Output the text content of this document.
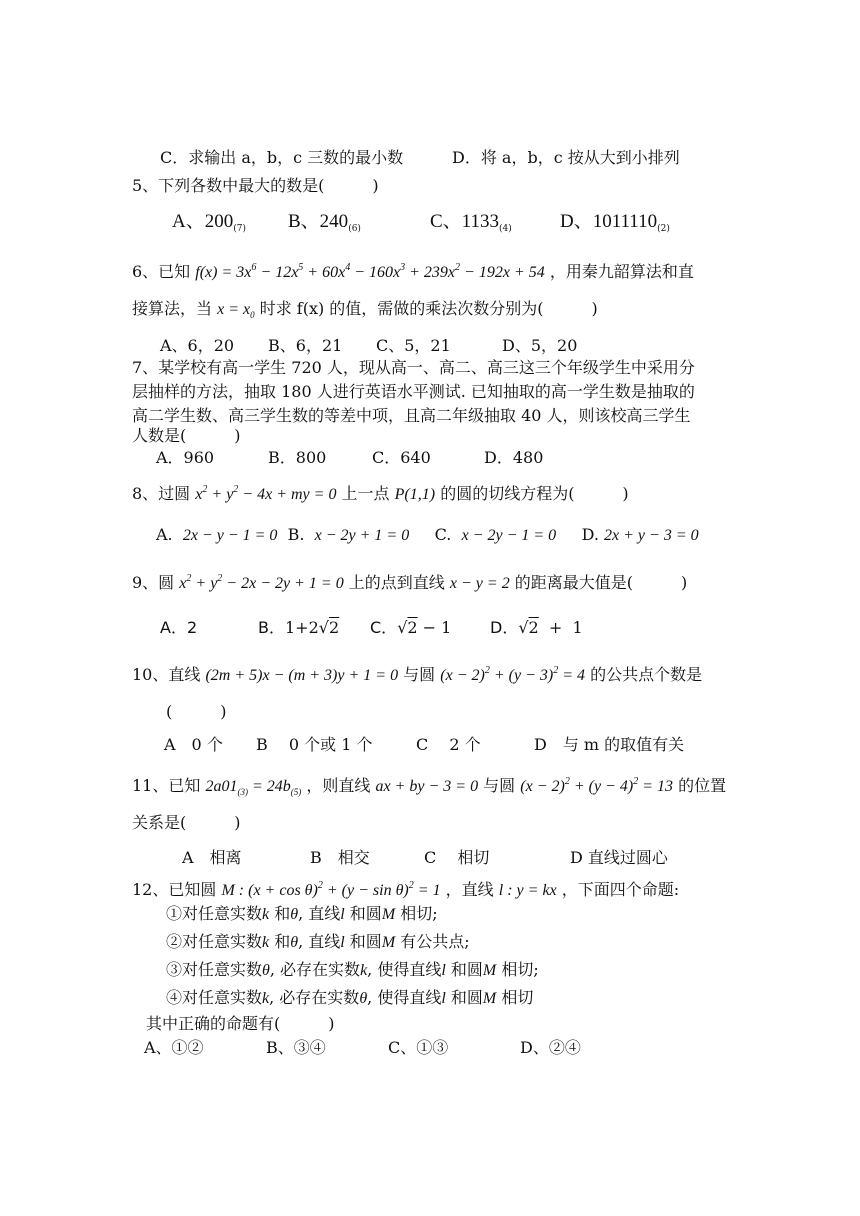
C．求输出 a，b，c 三数的最小数	D．将 a，b，c 按从大到小排列
5、下列各数中最大的数是(　　　)
A、$200_{(7)}$ B、$240_{(6)}$	C、$1133_{(4)}$	D、$1011110_{(2)}$
6、已知 $f(x) = 3x^6 - 12x^5 + 60x^4 - 160x^3 + 239x^2 - 192x + 54$ ，用秦九韶算法和直
接算法，当 $x = x_0$ 时求 f(x) 的值，需做的乘法次数分别为(　　　)
A、6，20 B、6，21 C、5，21	D、5，20
7、某学校有高一学生 720 人，现从高一、高二、高三这三个年级学生中采用分
层抽样的方法，抽取 180 人进行英语水平测试. 已知抽取的高一学生数是抽取的
高二学生数、高三学生数的等差中项，且高二年级抽取 40 人，则该校高三学生
人数是(　　　)
A．960	B．800	C．640	D．480
8、过圆 $x^2 + y^2 - 4x$ + my = 0 上一点 P(1,1) 的圆的切线方程为(　　　)
A. 2x − y − 1 = 0 B. x − 2y + 1 = 0 C. x − 2y − 1 = 0 D. 2x + y − 3 = 0
9、圆 $x^2 + y^2 - 2x - 2y + 1 = 0$ 上的点到直线 x − y = 2 的距离最大值是(　　　)
A．2	B．1+2√2 C．√2 − 1 D．√2  +  1
10、直线 (2m + 5)x − (m + 3)y + 1 = 0 与圆 $(x - 2)^2 + (y - 3)^2 = 4$ 的公共点个数是
(　　　)
A　0 个 B　 0 个或 1 个	C　 2 个	D　与 m 的取值有关
11、已知 $2a01_{(3)} = 24b_{(5)}$ ，则直线 ax + by − 3 = 0 与圆 $(x - 2)^2 + (y - 4)^2 = 13$ 的位置
关系是(　　　)
A　相离	B　相交	C　 相切	D 直线过圆心
12、已知圆 M : $(x + \cos \theta)^2 + (y - \sin \theta)^2 = 1$ ，直线 l : y = kx ，下面四个命题:
①对任意实数k 和θ, 直线l 和圆M 相切;
②对任意实数k 和θ, 直线l 和圆M 有公共点;
③对任意实数θ, 必存在实数k, 使得直线l 和圆M 相切;
④对任意实数k, 必存在实数θ, 使得直线l 和圆M 相切
其中正确的命题有(　　　)
A、①②	B、③④	C、①③	D、②④
